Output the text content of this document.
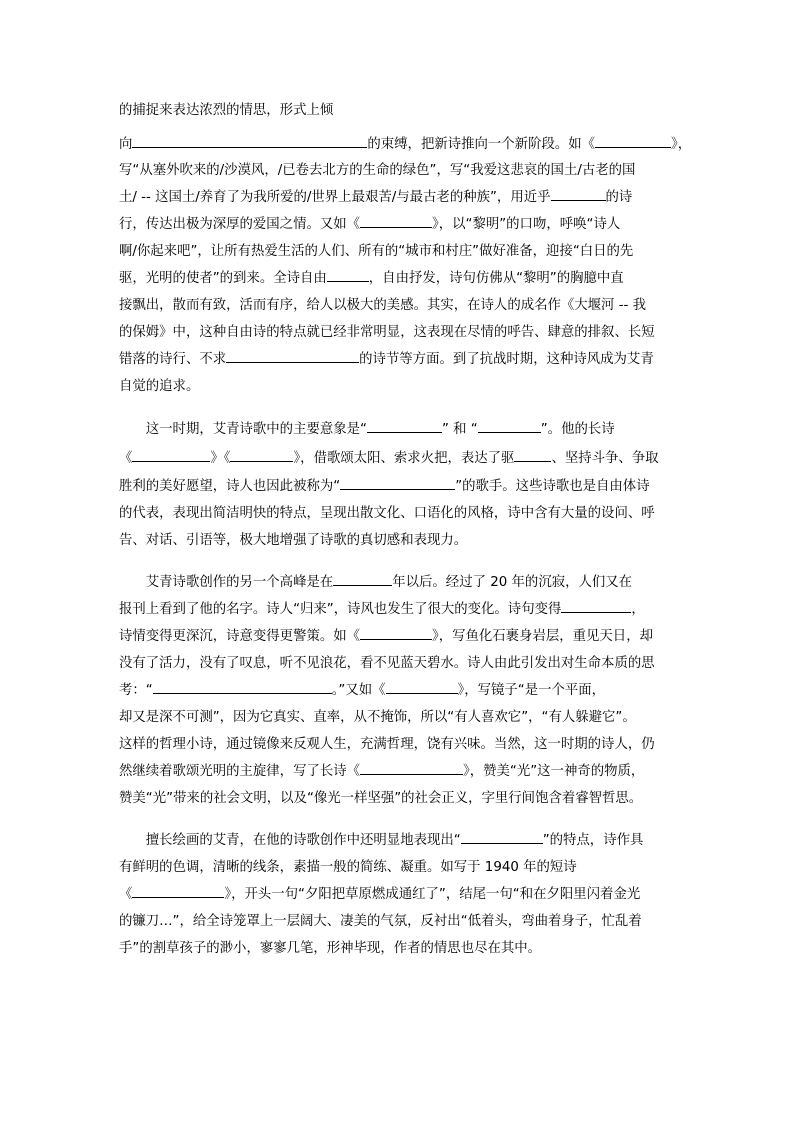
的捕捉来表达浓烈的情思，形式上倾
向	的束缚，把新诗推向一个新阶段。如《	》，
写“从塞外吹来的/沙漠风，/已卷去北方的生命的绿色”，写“我爱这悲哀的国土/古老的国
土/ -- 这国土/养育了为我所爱的/世界上最艰苦/与最古老的种族”，用近乎	的诗
行，传达出极为深厚的爱国之情。又如《	》，以“黎明”的口吻，呼唤“诗人
啊/你起来吧”，让所有热爱生活的人们、所有的“城市和村庄”做好准备，迎接“白日的先
驱，光明的使者”的到来。全诗自由	，自由抒发，诗句仿佛从“黎明”的胸臆中直
接飘出，散而有致，活而有序，给人以极大的美感。其实，在诗人的成名作《大堰河 -- 我
的保姆》中，这种自由诗的特点就已经非常明显，这表现在尽情的呼告、肆意的排叙、长短
错落的诗行、不求	的诗节等方面。到了抗战时期，这种诗风成为艾青
自觉的追求。
　　这一时期，艾青诗歌中的主要意象是“	” 和 “	”。他的长诗
《	》《	》，借歌颂太阳、索求火把，表达了驱	、坚持斗争、争取
胜利的美好愿望，诗人也因此被称为“	”的歌手。这些诗歌也是自由体诗
的代表，表现出简洁明快的特点，呈现出散文化、口语化的风格，诗中含有大量的设问、呼
告、对话、引语等，极大地增强了诗歌的真切感和表现力。
　　艾青诗歌创作的另一个高峰是在	年以后。经过了 20 年的沉寂，人们又在
报刊上看到了他的名字。诗人“归来”，诗风也发生了很大的变化。诗句变得	，
诗情变得更深沉，诗意变得更警策。如《	》，写鱼化石裹身岩层，重见天日，却
没有了活力，没有了叹息，听不见浪花，看不见蓝天碧水。诗人由此引发出对生命本质的思
考：“	。”又如《	》，写镜子“是一个平面，
却又是深不可测”，因为它真实、直率，从不掩饰，所以“有人喜欢它”，“有人躲避它”。
这样的哲理小诗，通过镜像来反观人生，充满哲理，饶有兴味。当然，这一时期的诗人，仍
然继续着歌颂光明的主旋律，写了长诗《	》，赞美“光”这一神奇的物质，
赞美“光”带来的社会文明，以及“像光一样坚强”的社会正义，字里行间饱含着睿智哲思。
　　擅长绘画的艾青，在他的诗歌创作中还明显地表现出“	”的特点，诗作具
有鲜明的色调，清晰的线条，素描一般的简练、凝重。如写于 1940 年的短诗
《	》，开头一句“夕阳把草原燃成通红了”，结尾一句“和在夕阳里闪着金光
的镰刀…”，给全诗笼罩上一层阔大、凄美的气氛，反衬出“低着头，弯曲着身子，忙乱着
手”的割草孩子的渺小，寥寥几笔，形神毕现，作者的情思也尽在其中。
